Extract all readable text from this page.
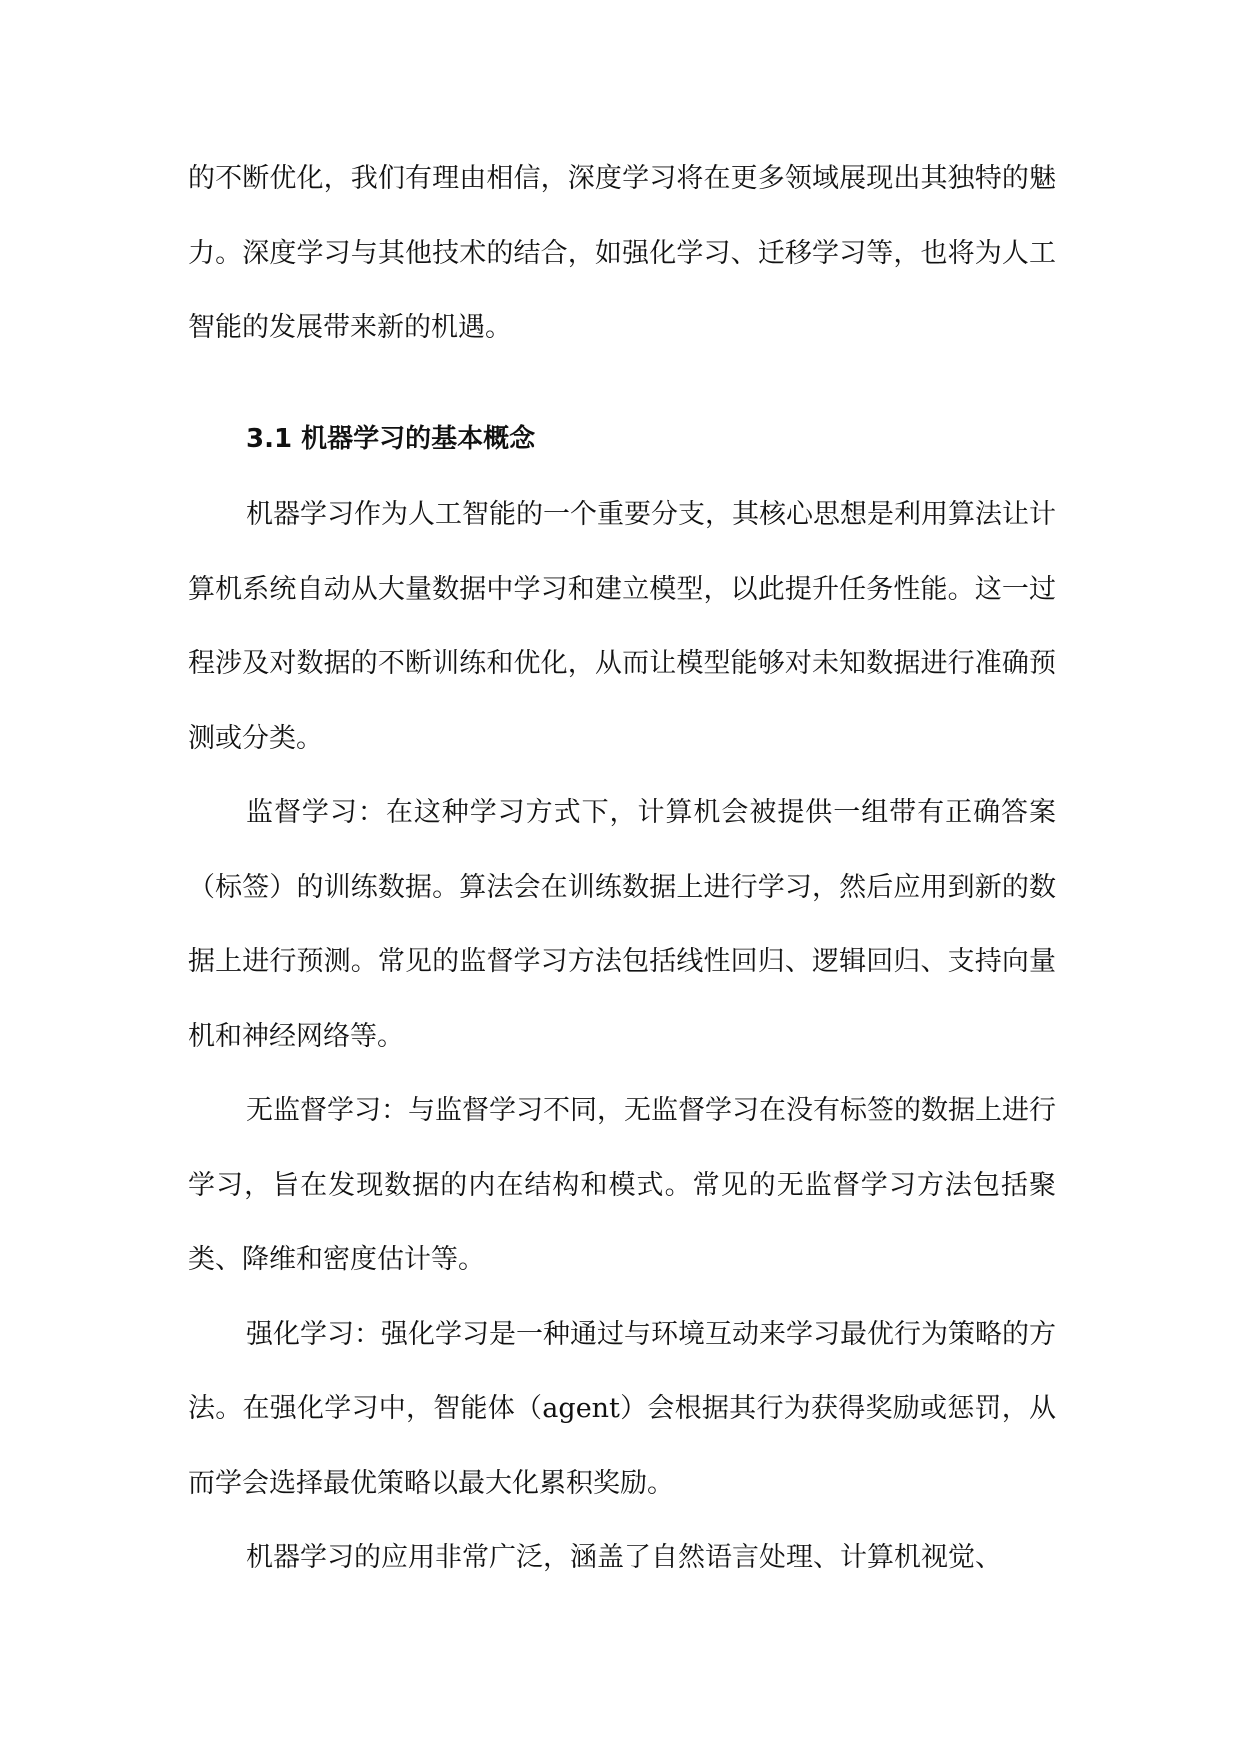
的不断优化，我们有理由相信，深度学习将在更多领域展现出其独特的魅力。深度学习与其他技术的结合，如强化学习、迁移学习等，也将为人工智能的发展带来新的机遇。

3.1 机器学习的基本概念

机器学习作为人工智能的一个重要分支，其核心思想是利用算法让计算机系统自动从大量数据中学习和建立模型，以此提升任务性能。这一过程涉及对数据的不断训练和优化，从而让模型能够对未知数据进行准确预测或分类。

监督学习：在这种学习方式下，计算机会被提供一组带有正确答案（标签）的训练数据。算法会在训练数据上进行学习，然后应用到新的数据上进行预测。常见的监督学习方法包括线性回归、逻辑回归、支持向量机和神经网络等。

无监督学习：与监督学习不同，无监督学习在没有标签的数据上进行学习，旨在发现数据的内在结构和模式。常见的无监督学习方法包括聚类、降维和密度估计等。

强化学习：强化学习是一种通过与环境互动来学习最优行为策略的方法。在强化学习中，智能体（agent）会根据其行为获得奖励或惩罚，从而学会选择最优策略以最大化累积奖励。

机器学习的应用非常广泛，涵盖了自然语言处理、计算机视觉、
